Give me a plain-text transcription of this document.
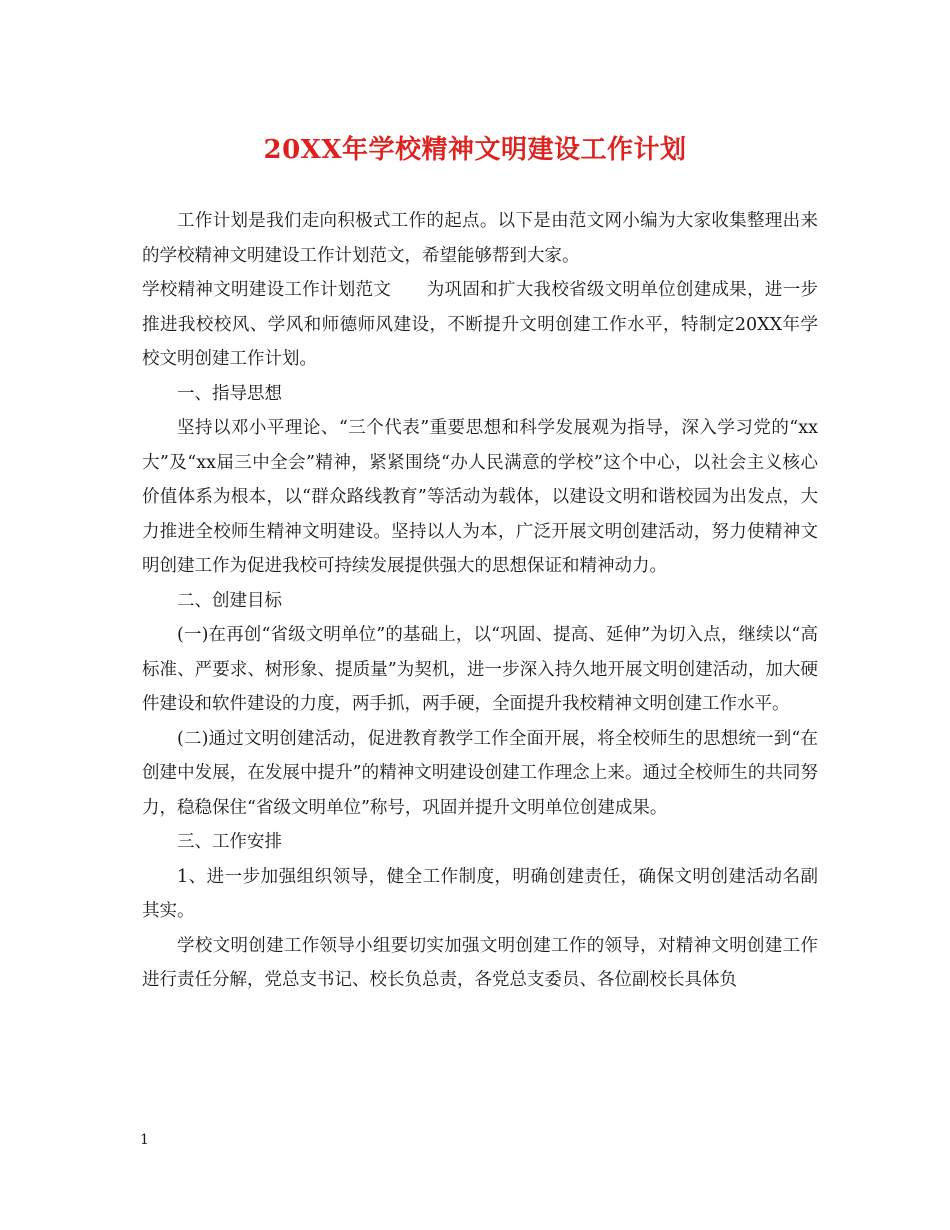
20XX年学校精神文明建设工作计划

工作计划是我们走向积极式工作的起点。以下是由范文网小编为大家收集整理出来的学校精神文明建设工作计划范文，希望能够帮到大家。

学校精神文明建设工作计划范文　　为巩固和扩大我校省级文明单位创建成果，进一步推进我校校风、学风和师德师风建设，不断提升文明创建工作水平，特制定20XX年学校文明创建工作计划。

一、指导思想

坚持以邓小平理论、“三个代表”重要思想和科学发展观为指导，深入学习党的“xx大”及“xx届三中全会”精神，紧紧围绕“办人民满意的学校”这个中心，以社会主义核心价值体系为根本，以“群众路线教育”等活动为载体，以建设文明和谐校园为出发点，大力推进全校师生精神文明建设。坚持以人为本，广泛开展文明创建活动，努力使精神文明创建工作为促进我校可持续发展提供强大的思想保证和精神动力。

二、创建目标

(一)在再创“省级文明单位”的基础上，以“巩固、提高、延伸”为切入点，继续以“高标准、严要求、树形象、提质量”为契机，进一步深入持久地开展文明创建活动，加大硬件建设和软件建设的力度，两手抓，两手硬，全面提升我校精神文明创建工作水平。

(二)通过文明创建活动，促进教育教学工作全面开展，将全校师生的思想统一到“在创建中发展，在发展中提升”的精神文明建设创建工作理念上来。通过全校师生的共同努力，稳稳保住“省级文明单位”称号，巩固并提升文明单位创建成果。

三、工作安排

1、进一步加强组织领导，健全工作制度，明确创建责任，确保文明创建活动名副其实。

学校文明创建工作领导小组要切实加强文明创建工作的领导，对精神文明创建工作进行责任分解，党总支书记、校长负总责，各党总支委员、各位副校长具体负

1
